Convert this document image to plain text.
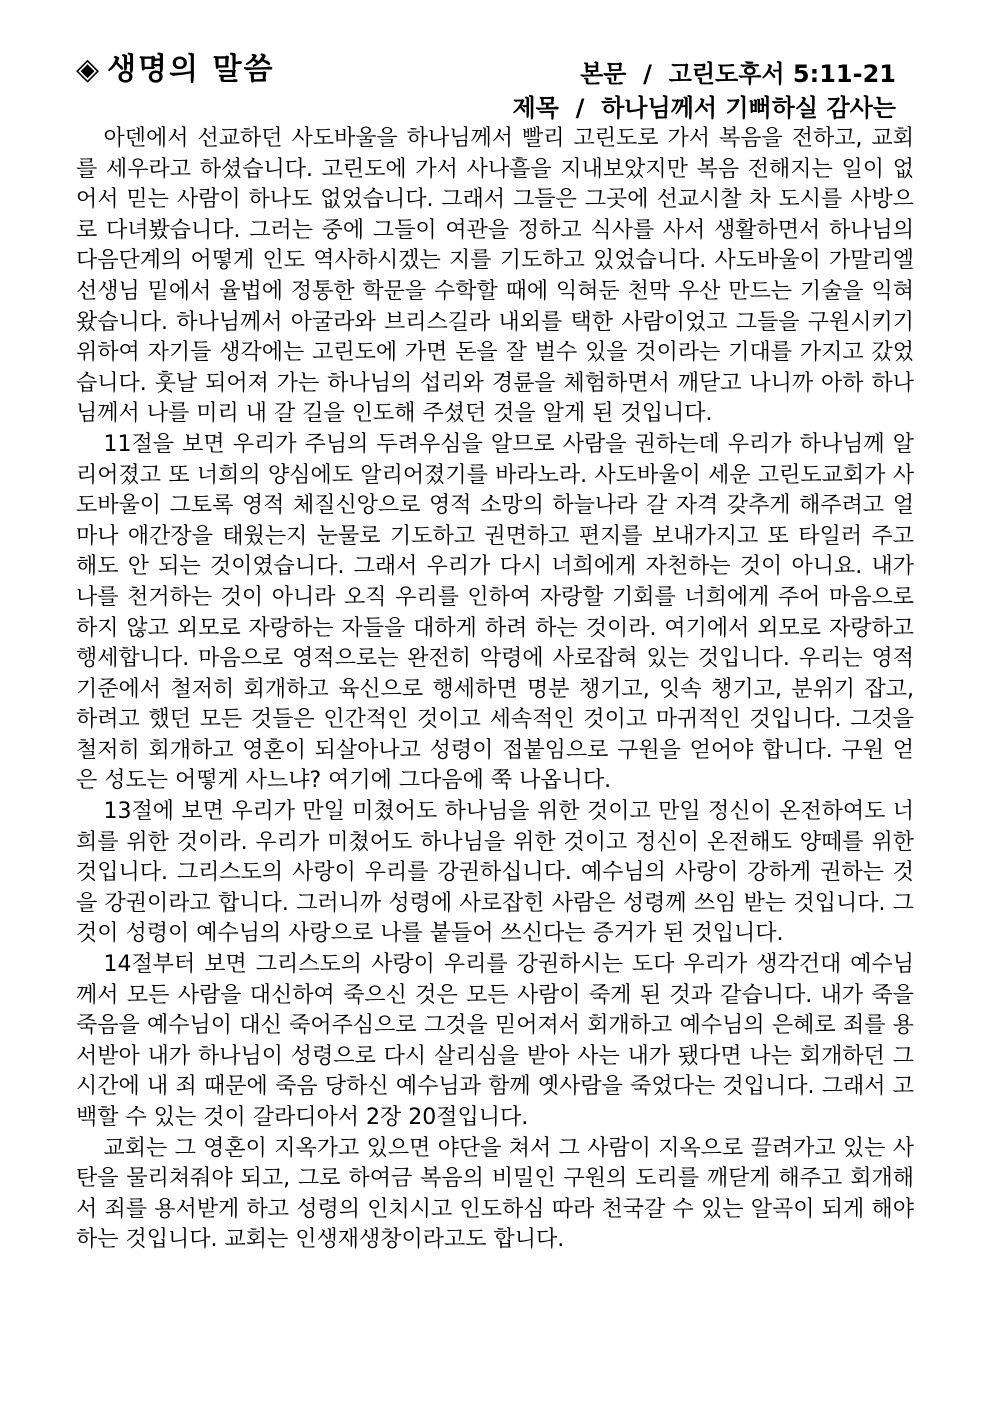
◈ 생명의 말씀	본문 / 고린도후서 5:11-21
제목 / 하나님께서 기뻐하실 감사는

아덴에서 선교하던 사도바울을 하나님께서 빨리 고린도로 가서 복음을 전하고, 교회를 세우라고 하셨습니다. 고린도에 가서 사나흘을 지내보았지만 복음 전해지는 일이 없어서 믿는 사람이 하나도 없었습니다. 그래서 그들은 그곳에 선교시찰 차 도시를 사방으로 다녀봤습니다. 그러는 중에 그들이 여관을 정하고 식사를 사서 생활하면서 하나님의 다음단계의 어떻게 인도 역사하시겠는 지를 기도하고 있었습니다. 사도바울이 가말리엘 선생님 밑에서 율법에 정통한 학문을 수학할 때에 익혀둔 천막 우산 만드는 기술을 익혀왔습니다. 하나님께서 아굴라와 브리스길라 내외를 택한 사람이었고 그들을 구원시키기 위하여 자기들 생각에는 고린도에 가면 돈을 잘 벌수 있을 것이라는 기대를 가지고 갔었습니다. 훗날 되어져 가는 하나님의 섭리와 경륜을 체험하면서 깨닫고 나니까 아하 하나님께서 나를 미리 내 갈 길을 인도해 주셨던 것을 알게 된 것입니다.

11절을 보면 우리가 주님의 두려우심을 알므로 사람을 권하는데 우리가 하나님께 알리어졌고 또 너희의 양심에도 알리어졌기를 바라노라. 사도바울이 세운 고린도교회가 사도바울이 그토록 영적 체질신앙으로 영적 소망의 하늘나라 갈 자격 갖추게 해주려고 얼마나 애간장을 태웠는지 눈물로 기도하고 권면하고 편지를 보내가지고 또 타일러 주고 해도 안 되는 것이였습니다. 그래서 우리가 다시 너희에게 자천하는 것이 아니요. 내가 나를 천거하는 것이 아니라 오직 우리를 인하여 자랑할 기회를 너희에게 주어 마음으로 하지 않고 외모로 자랑하는 자들을 대하게 하려 하는 것이라. 여기에서 외모로 자랑하고 행세합니다. 마음으로 영적으로는 완전히 악령에 사로잡혀 있는 것입니다. 우리는 영적 기준에서 철저히 회개하고 육신으로 행세하면 명분 챙기고, 잇속 챙기고, 분위기 잡고, 하려고 했던 모든 것들은 인간적인 것이고 세속적인 것이고 마귀적인 것입니다. 그것을 철저히 회개하고 영혼이 되살아나고 성령이 접붙임으로 구원을 얻어야 합니다. 구원 얻은 성도는 어떻게 사느냐? 여기에 그다음에 쭉 나옵니다.

13절에 보면 우리가 만일 미쳤어도 하나님을 위한 것이고 만일 정신이 온전하여도 너희를 위한 것이라. 우리가 미쳤어도 하나님을 위한 것이고 정신이 온전해도 양떼를 위한 것입니다. 그리스도의 사랑이 우리를 강권하십니다. 예수님의 사랑이 강하게 권하는 것을 강권이라고 합니다. 그러니까 성령에 사로잡힌 사람은 성령께 쓰임 받는 것입니다. 그것이 성령이 예수님의 사랑으로 나를 붙들어 쓰신다는 증거가 된 것입니다.

14절부터 보면 그리스도의 사랑이 우리를 강권하시는 도다 우리가 생각건대 예수님께서 모든 사람을 대신하여 죽으신 것은 모든 사람이 죽게 된 것과 같습니다. 내가 죽을 죽음을 예수님이 대신 죽어주심으로 그것을 믿어져서 회개하고 예수님의 은혜로 죄를 용서받아 내가 하나님이 성령으로 다시 살리심을 받아 사는 내가 됐다면 나는 회개하던 그 시간에 내 죄 때문에 죽음 당하신 예수님과 함께 옛사람을 죽었다는 것입니다. 그래서 고백할 수 있는 것이 갈라디아서 2장 20절입니다.

교회는 그 영혼이 지옥가고 있으면 야단을 쳐서 그 사람이 지옥으로 끌려가고 있는 사탄을 물리쳐줘야 되고, 그로 하여금 복음의 비밀인 구원의 도리를 깨닫게 해주고 회개해서 죄를 용서받게 하고 성령의 인치시고 인도하심 따라 천국갈 수 있는 알곡이 되게 해야 하는 것입니다. 교회는 인생재생창이라고도 합니다.
